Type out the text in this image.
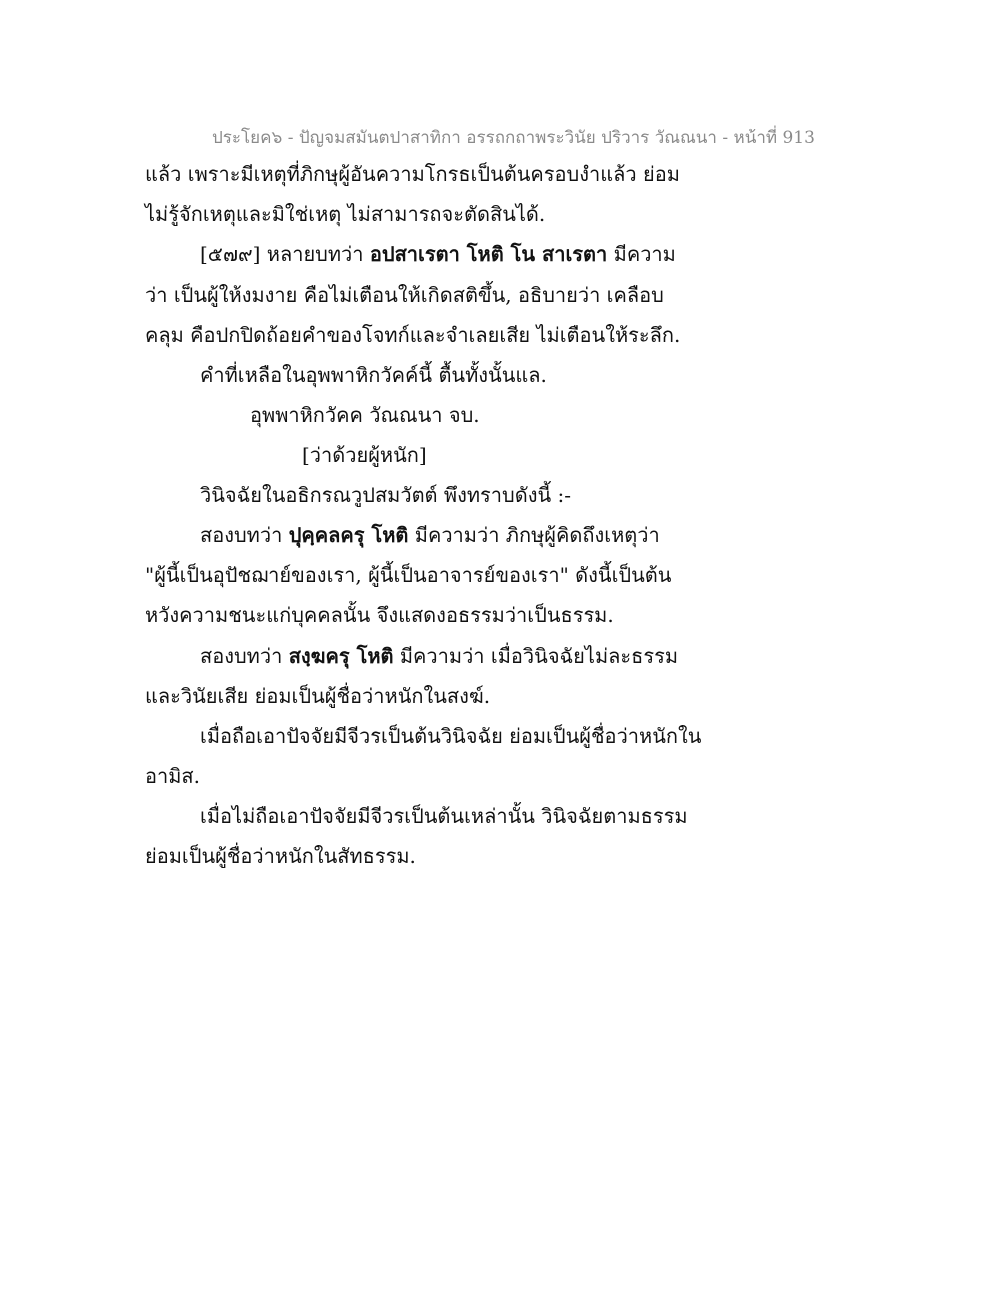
ประโยค๖ - ปัญจมสมันตปาสาทิกา อรรถกถาพระวินัย ปริวาร วัณณนา - หน้าที่ 913
แล้ว เพราะมีเหตุที่ภิกษุผู้อันความโกรธเป็นต้นครอบงำแล้ว ย่อม
ไม่รู้จักเหตุและมิใช่เหตุ ไม่สามารถจะตัดสินได้.
[๕๗๙] หลายบทว่า อปสาเรตา โหติ โน สาเรตา มีความ
ว่า เป็นผู้ให้งมงาย คือไม่เตือนให้เกิดสติขึ้น, อธิบายว่า เคลือบ
คลุม คือปกปิดถ้อยคำของโจทก์และจำเลยเสีย ไม่เตือนให้ระลึก.
คำที่เหลือในอุพพาหิกวัคค์นี้ ตื้นทั้งนั้นแล.
อุพพาหิกวัคค วัณณนา จบ.
[ว่าด้วยผู้หนัก]
วินิจฉัยในอธิกรณวูปสมวัตต์ พึงทราบดังนี้ :-
สองบทว่า ปุคฺคลครุ โหติ มีความว่า ภิกษุผู้คิดถึงเหตุว่า
"ผู้นี้เป็นอุปัชฌาย์ของเรา, ผู้นี้เป็นอาจารย์ของเรา" ดังนี้เป็นต้น
หวังความชนะแก่บุคคลนั้น จึงแสดงอธรรมว่าเป็นธรรม.
สองบทว่า สงฺฆครุ โหติ มีความว่า เมื่อวินิจฉัยไม่ละธรรม
และวินัยเสีย ย่อมเป็นผู้ชื่อว่าหนักในสงฆ์.
เมื่อถือเอาปัจจัยมีจีวรเป็นต้นวินิจฉัย ย่อมเป็นผู้ชื่อว่าหนักใน
อามิส.
เมื่อไม่ถือเอาปัจจัยมีจีวรเป็นต้นเหล่านั้น วินิจฉัยตามธรรม
ย่อมเป็นผู้ชื่อว่าหนักในสัทธรรม.
